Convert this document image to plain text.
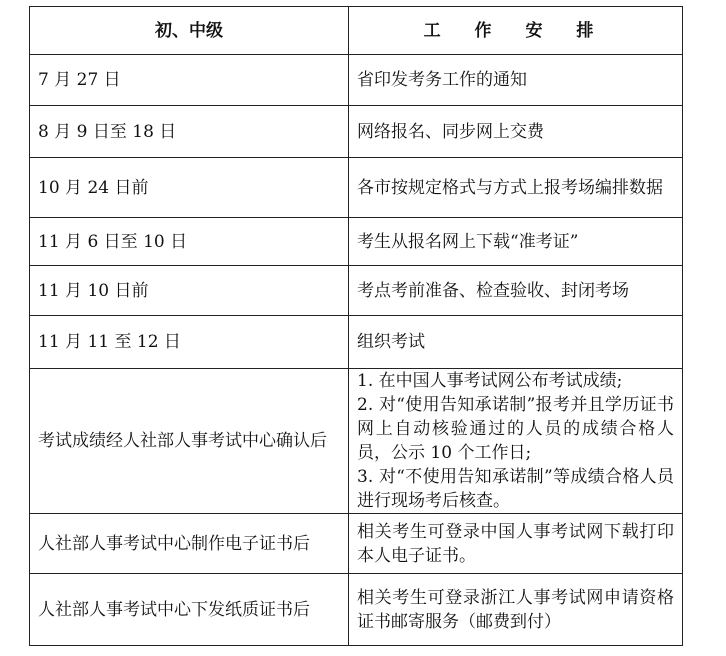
初、中级	工 作 安 排
7 月 27 日	省印发考务工作的通知
8 月 9 日至 18 日	网络报名、同步网上交费
10 月 24 日前	各市按规定格式与方式上报考场编排数据
11 月 6 日至 10 日	考生从报名网上下载“准考证”
11 月 10 日前	考点考前准备、检查验收、封闭考场
11 月 11 至 12 日	组织考试
考试成绩经人社部人事考试中心确认后	1. 在中国人事考试网公布考试成绩;
2. 对“使用告知承诺制”报考并且学历证书网上自动核验通过的人员的成绩合格人员，公示 10 个工作日;
3. 对“不使用告知承诺制”等成绩合格人员进行现场考后核查。

人社部人事考试中心制作电子证书后	相关考生可登录中国人事考试网下载打印本人电子证书。
人社部人事考试中心下发纸质证书后	相关考生可登录浙江人事考试网申请资格证书邮寄服务（邮费到付）
